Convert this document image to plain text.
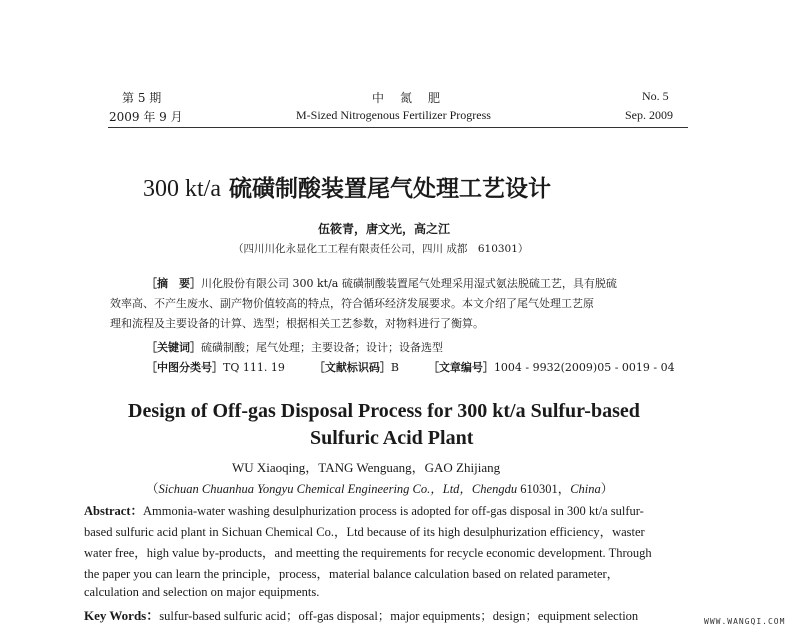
第 5 期
2009 年 9 月
中　氮　肥
M-Sized Nitrogenous Fertilizer Progress
No. 5
Sep. 2009
300 kt/a 硫磺制酸装置尾气处理工艺设计
伍筱青，唐文光，高之江
（四川川化永显化工工程有限责任公司，四川 成都　610301）
［摘　要］川化股份有限公司 300 kt/a 硫磺制酸装置尾气处理采用湿式氨法脱硫工艺，具有脱硫
效率高、不产生废水、副产物价值较高的特点，符合循环经济发展要求。本文介绍了尾气处理工艺原
理和流程及主要设备的计算、选型；根据相关工艺参数，对物料进行了衡算。
［关键词］硫磺制酸；尾气处理；主要设备；设计；设备选型
［中图分类号］TQ 111. 19	［文献标识码］B	［文章编号］1004 - 9932(2009)05 - 0019 - 04
Design of Off-gas Disposal Process for 300 kt/a Sulfur-based
Sulfuric Acid Plant
WU Xiaoqing，TANG Wenguang，GAO Zhijiang
（Sichuan Chuanhua Yongyu Chemical Engineering Co.，Ltd，Chengdu 610301，China）
Abstract：Ammonia-water washing desulphurization process is adopted for off-gas disposal in 300 kt/a sulfur-
based sulfuric acid plant in Sichuan Chemical Co.，Ltd because of its high desulphurization efficiency，waster
water free，high value by-products，and meetting the requirements for recycle economic development. Through
the paper you can learn the principle，process，material balance calculation based on related parameter，
calculation and selection on major equipments.
Key Words：sulfur-based sulfuric acid；off-gas disposal；major equipments；design；equipment selection	WWW.WANGQI.COM
